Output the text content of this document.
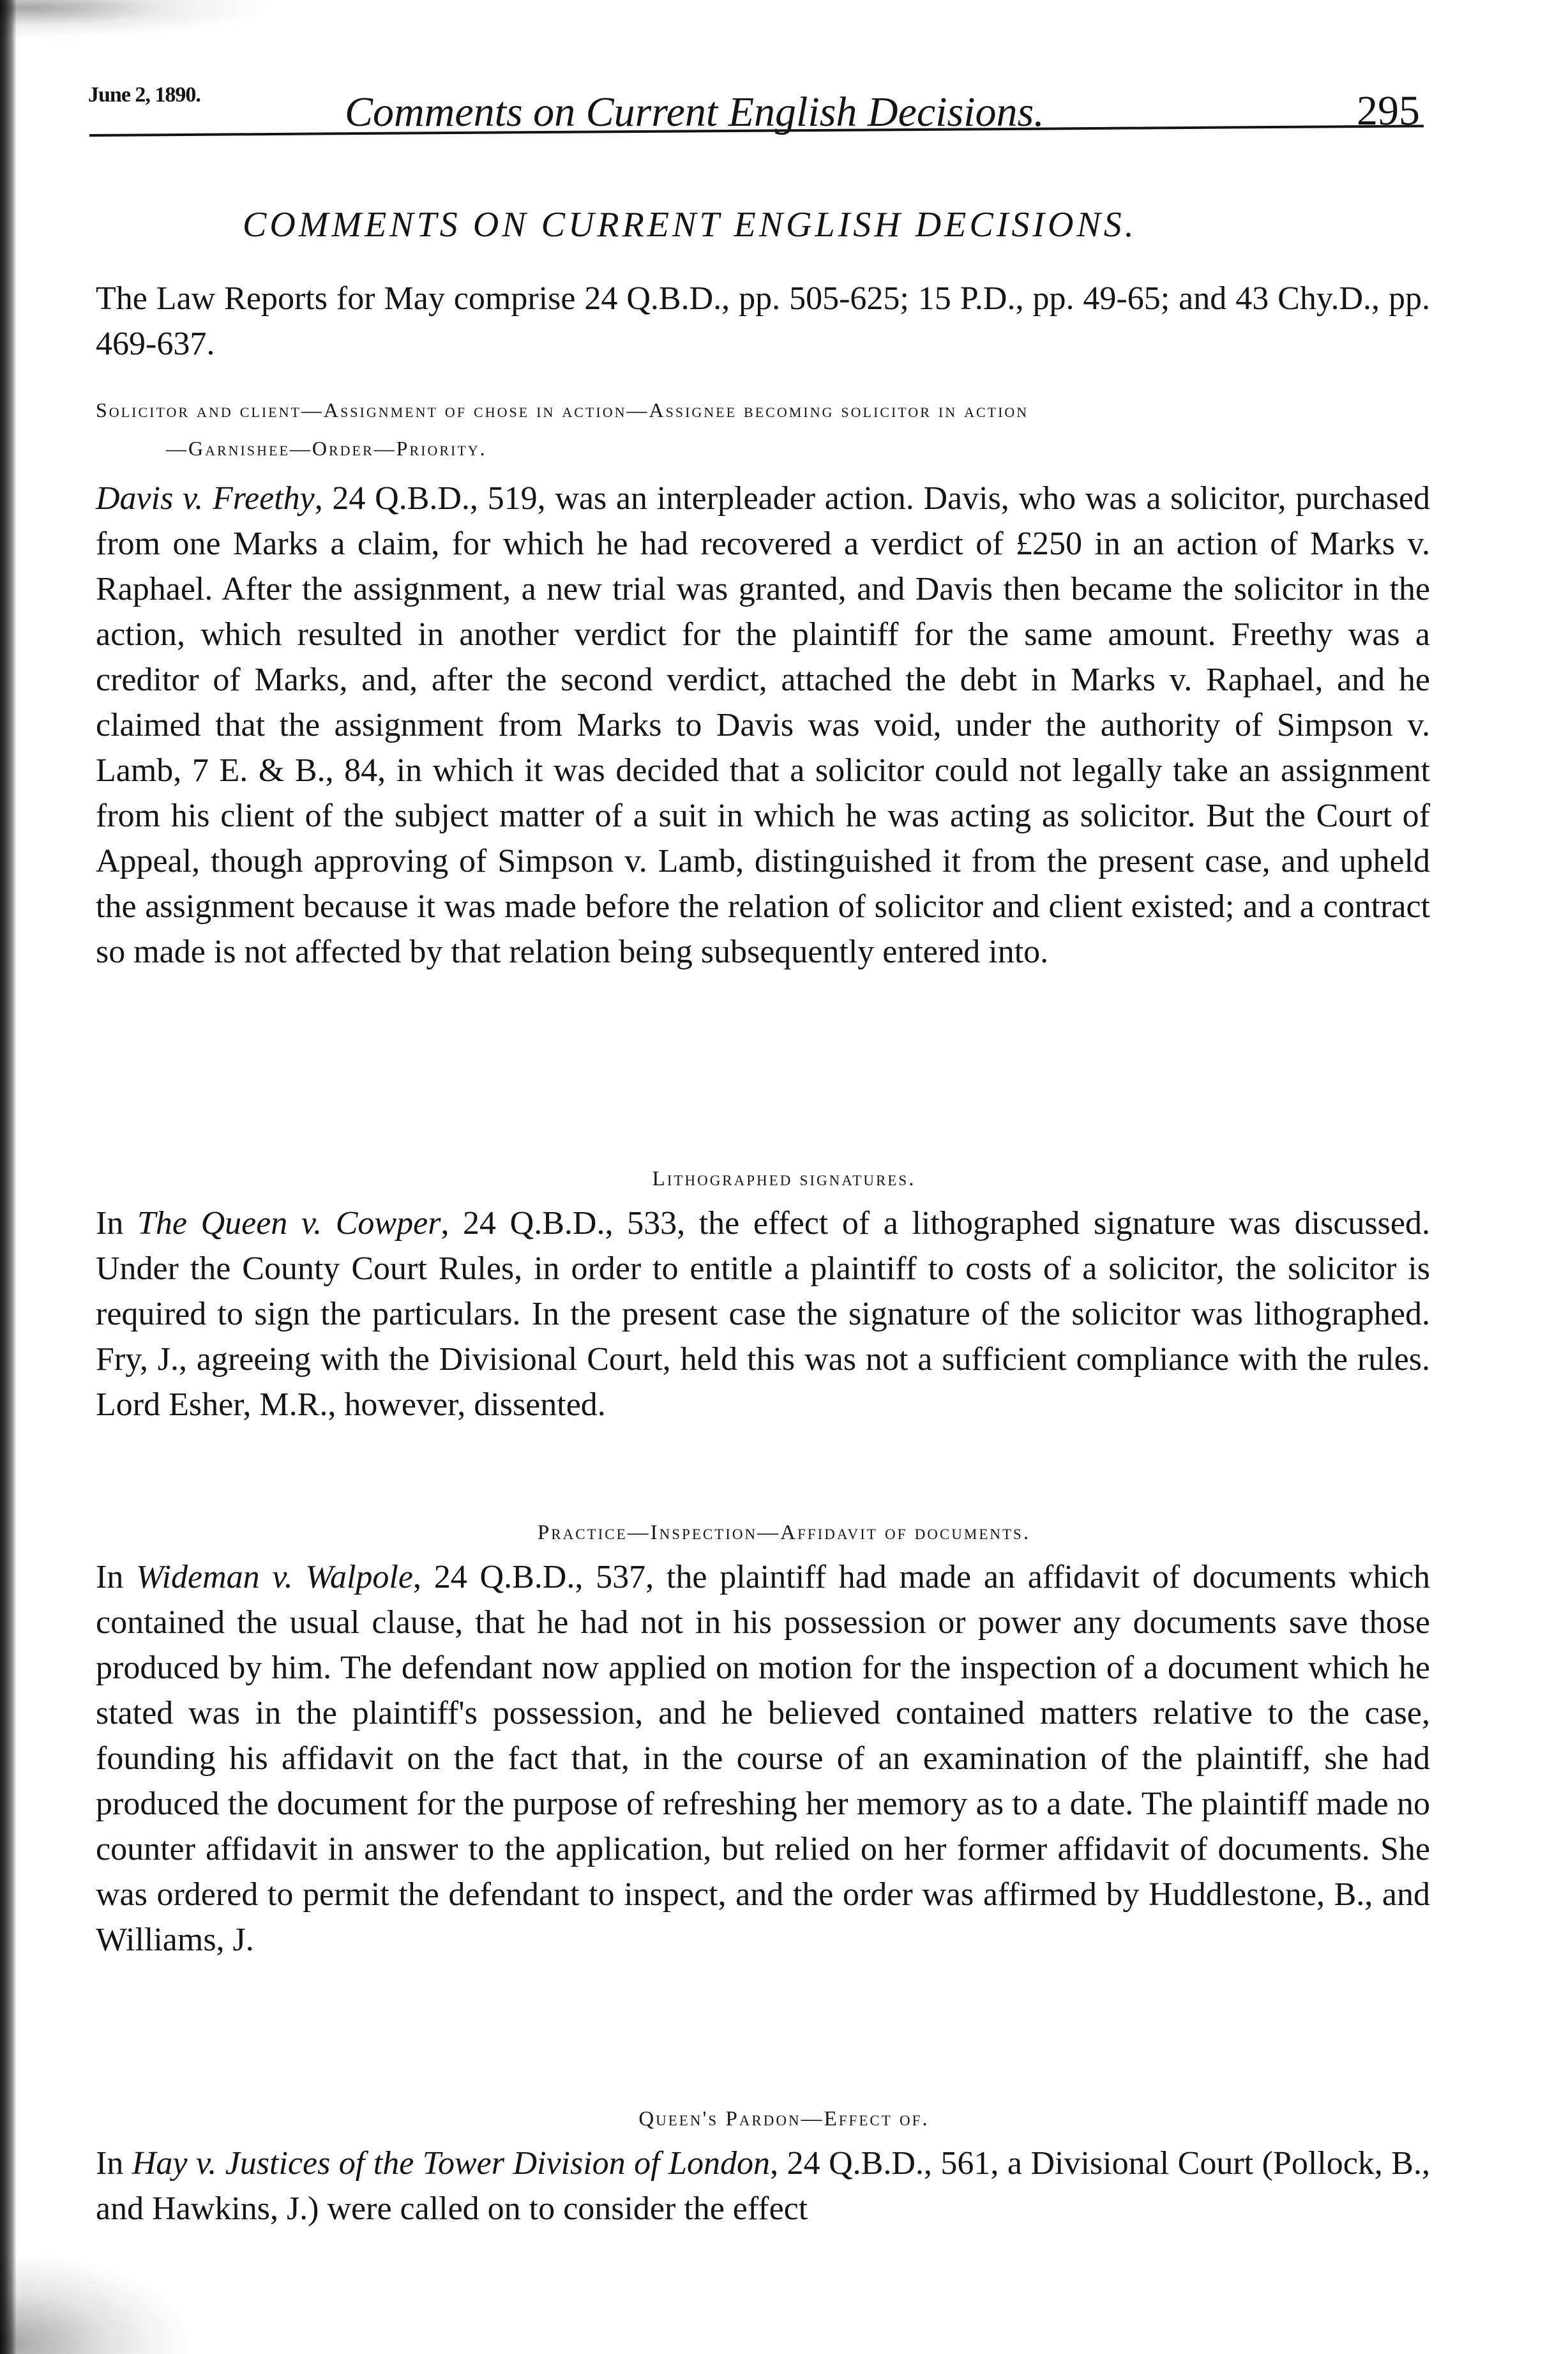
June 2, 1890.	Comments on Current English Decisions.	295
COMMENTS ON CURRENT ENGLISH DECISIONS.
The Law Reports for May comprise 24 Q.B.D., pp. 505-625; 15 P.D., pp. 49-65; and 43 Chy.D., pp. 469-637.
Solicitor and client—Assignment of chose in action—Assignee becoming solicitor in action
—Garnishee—Order—Priority.
Davis v. Freethy, 24 Q.B.D., 519, was an interpleader action. Davis, who was a solicitor, purchased from one Marks a claim, for which he had recovered a verdict of £250 in an action of Marks v. Raphael. After the assignment, a new trial was granted, and Davis then became the solicitor in the action, which resulted in another verdict for the plaintiff for the same amount. Freethy was a creditor of Marks, and, after the second verdict, attached the debt in Marks v. Raphael, and he claimed that the assignment from Marks to Davis was void, under the authority of Simpson v. Lamb, 7 E. & B., 84, in which it was decided that a solicitor could not legally take an assignment from his client of the subject matter of a suit in which he was acting as solicitor. But the Court of Appeal, though approving of Simpson v. Lamb, distinguished it from the present case, and upheld the assignment because it was made before the relation of solicitor and client existed; and a contract so made is not affected by that relation being subsequently entered into.
Lithographed signatures.
In The Queen v. Cowper, 24 Q.B.D., 533, the effect of a lithographed signature was discussed. Under the County Court Rules, in order to entitle a plaintiff to costs of a solicitor, the solicitor is required to sign the particulars. In the present case the signature of the solicitor was lithographed. Fry, J., agreeing with the Divisional Court, held this was not a sufficient compliance with the rules. Lord Esher, M.R., however, dissented.
Practice—Inspection—Affidavit of documents.
In Wideman v. Walpole, 24 Q.B.D., 537, the plaintiff had made an affidavit of documents which contained the usual clause, that he had not in his possession or power any documents save those produced by him. The defendant now applied on motion for the inspection of a document which he stated was in the plaintiff's possession, and he believed contained matters relative to the case, founding his affidavit on the fact that, in the course of an examination of the plaintiff, she had produced the document for the purpose of refreshing her memory as to a date. The plaintiff made no counter affidavit in answer to the application, but relied on her former affidavit of documents. She was ordered to permit the defendant to inspect, and the order was affirmed by Huddlestone, B., and Williams, J.
Queen's Pardon—Effect of.
In Hay v. Justices of the Tower Division of London, 24 Q.B.D., 561, a Divisional Court (Pollock, B., and Hawkins, J.) were called on to consider the effect
